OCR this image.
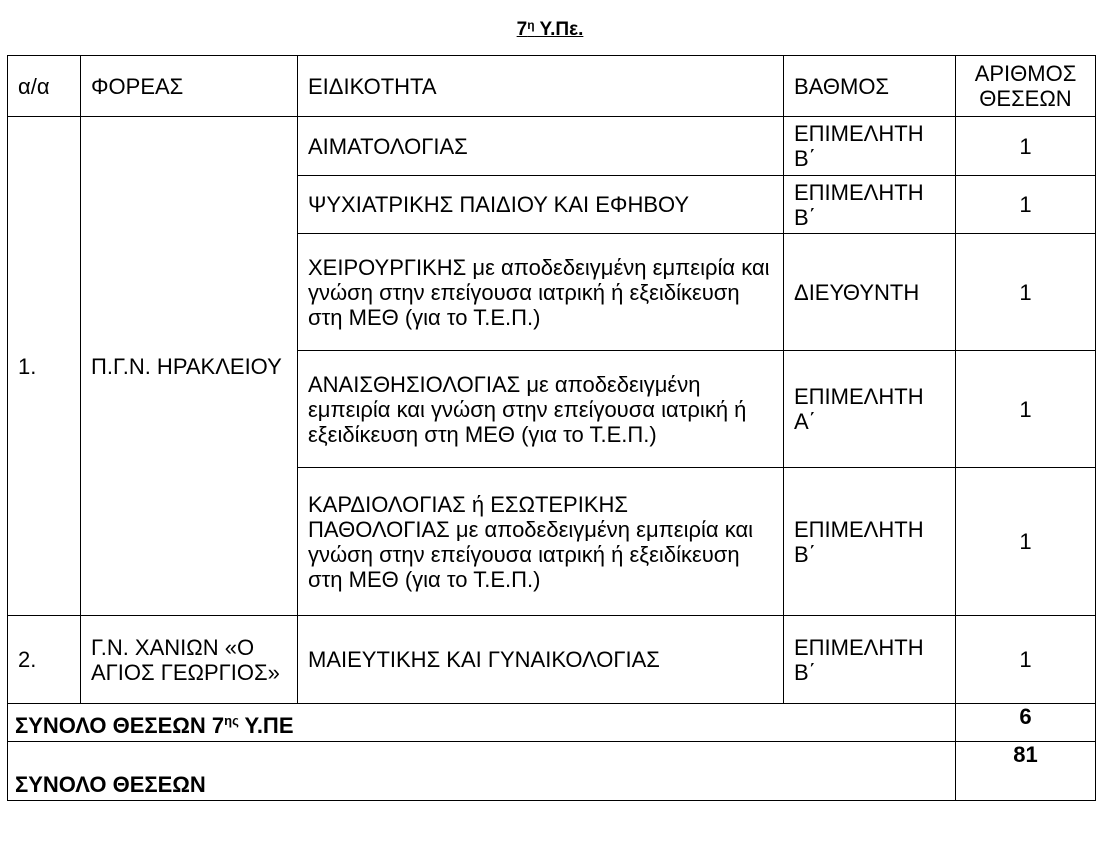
$7^\eta$ Υ.Πε.
α/α	ΦΟΡΕΑΣ	ΕΙΔΙΚΟΤΗΤΑ	ΒΑΘΜΟΣ	ΑΡΙΘΜΟΣ ΘΕΣΕΩΝ
1.	Π.Γ.Ν. ΗΡΑΚΛΕΙΟΥ	ΑΙΜΑΤΟΛΟΓΙΑΣ	ΕΠΙΜΕΛΗΤΗ Β΄	1
		ΨΥΧΙΑΤΡΙΚΗΣ ΠΑΙΔΙΟΥ ΚΑΙ ΕΦΗΒΟΥ	ΕΠΙΜΕΛΗΤΗ Β΄	1
		ΧΕΙΡΟΥΡΓΙΚΗΣ με αποδεδειγμένη εμπειρία και γνώση στην επείγουσα ιατρική ή εξειδίκευση στη ΜΕΘ (για το Τ.Ε.Π.)	ΔΙΕΥΘΥΝΤΗ	1
		ΑΝΑΙΣΘΗΣΙΟΛΟΓΙΑΣ με αποδεδειγμένη εμπειρία και γνώση στην επείγουσα ιατρική ή εξειδίκευση στη ΜΕΘ (για το Τ.Ε.Π.)	ΕΠΙΜΕΛΗΤΗ Α΄	1
		ΚΑΡΔΙΟΛΟΓΙΑΣ ή ΕΣΩΤΕΡΙΚΗΣ ΠΑΘΟΛΟΓΙΑΣ με αποδεδειγμένη εμπειρία και γνώση στην επείγουσα ιατρική ή εξειδίκευση στη ΜΕΘ (για το Τ.Ε.Π.)	ΕΠΙΜΕΛΗΤΗ Β΄	1
2.	Γ.Ν. ΧΑΝΙΩΝ «Ο ΑΓΙΟΣ ΓΕΩΡΓΙΟΣ»	ΜΑΙΕΥΤΙΚΗΣ ΚΑΙ ΓΥΝΑΙΚΟΛΟΓΙΑΣ	ΕΠΙΜΕΛΗΤΗ Β΄	1
ΣΥΝΟΛΟ ΘΕΣΕΩΝ $7^{\eta\varsigma}$ Υ.ΠΕ				6
ΣΥΝΟΛΟ ΘΕΣΕΩΝ				81
